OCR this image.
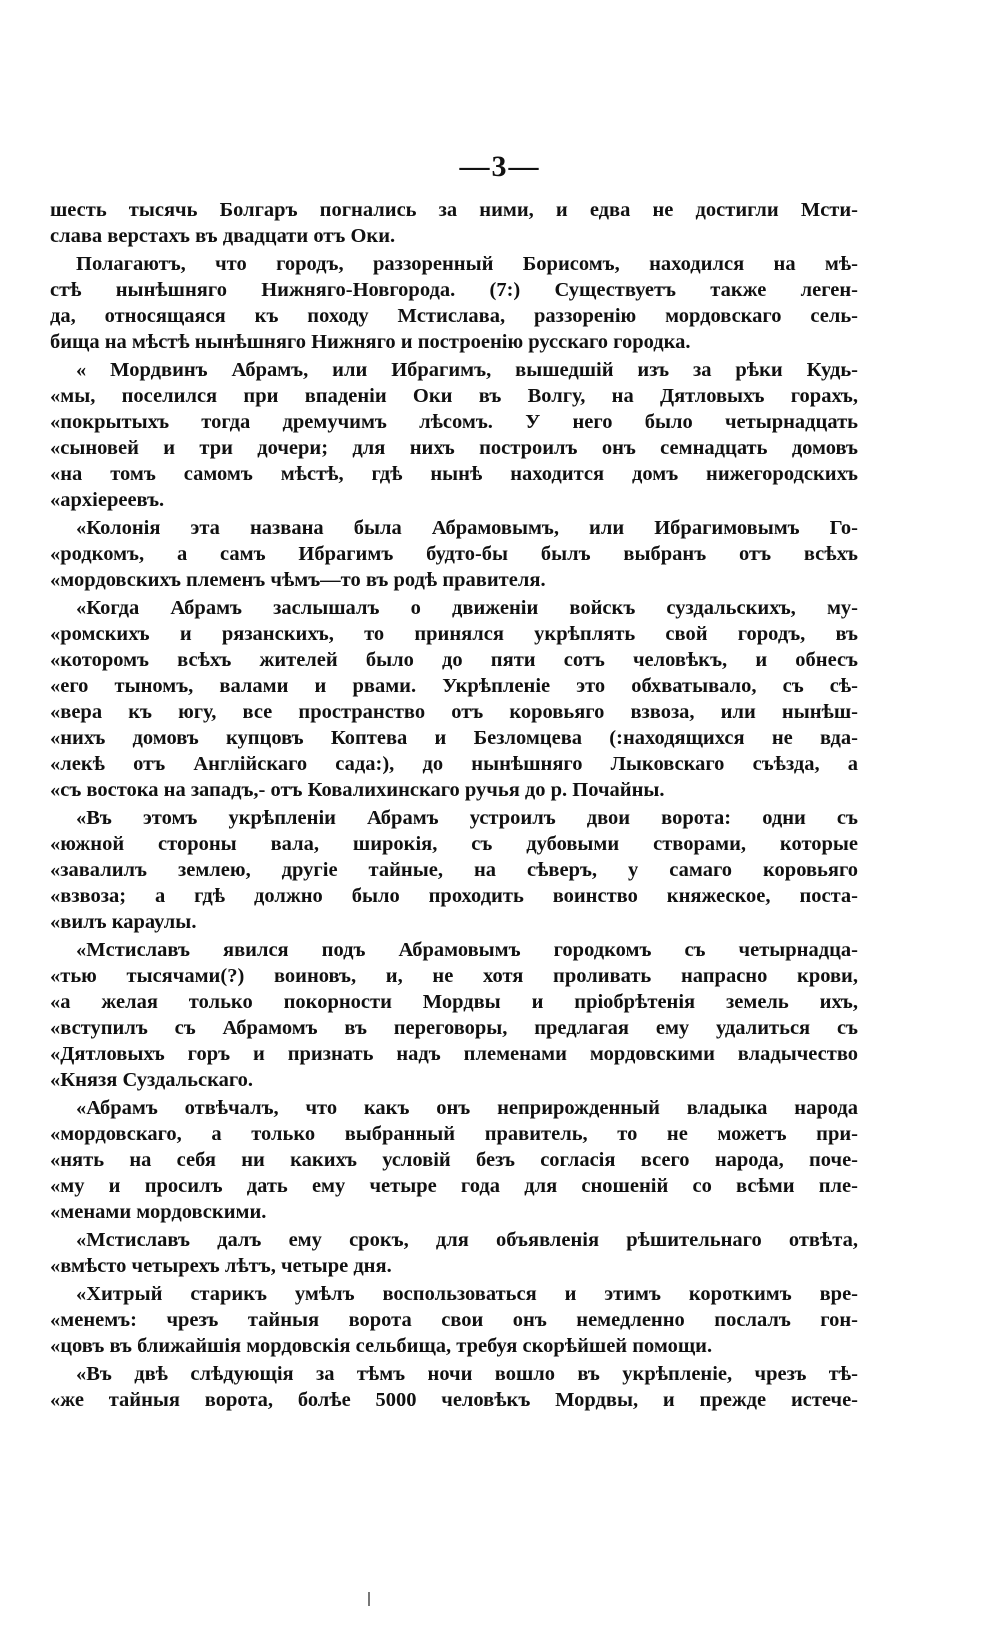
—3—
шесть тысячь Болгаръ погнались за ними, и едва не достигли Мсти-
слава верстахъ въ двадцати отъ Оки.
Полагаютъ, что городъ, раззоренный Борисомъ, находился на мѣ-
стѣ нынѣшняго Нижняго-Новгорода. (7:) Существуетъ также леген-
да, относящаяся къ походу Мстислава, раззоренію мордовскаго сель-
бища на мѣстѣ нынѣшняго Нижняго и построенію русскаго городка.
« Мордвинъ Абрамъ, или Ибрагимъ, вышедшій изъ за рѣки Кудь-
«мы, поселился при впаденіи Оки въ Волгу, на Дятловыхъ горахъ,
«покрытыхъ тогда дремучимъ лѣсомъ. У него было четырнадцать
«сыновей и три дочери; для нихъ построилъ онъ семнадцать домовъ
«на томъ самомъ мѣстѣ, гдѣ нынѣ находится домъ нижегородскихъ
«архіереевъ.
«Колонія эта названа была Абрамовымъ, или Ибрагимовымъ Го-
«родкомъ, а самъ Ибрагимъ будто-бы былъ выбранъ отъ всѣхъ
«мордовскихъ племенъ чѣмъ—то въ родѣ правителя.
«Когда Абрамъ заслышалъ о движеніи войскъ суздальскихъ, му-
«ромскихъ и рязанскихъ, то принялся укрѣплять свой городъ, въ
«которомъ всѣхъ жителей было до пяти сотъ человѣкъ, и обнесъ
«его тыномъ, валами и рвами. Укрѣпленіе это обхватывало, съ сѣ-
«вера къ югу, все пространство отъ коровьяго взвоза, или нынѣш-
«нихъ домовъ купцовъ Коптева и Безломцева (:находящихся не вда-
«лекѣ отъ Англійскаго сада:), до нынѣшняго Лыковскаго съѣзда, а
«съ востока на западъ,- отъ Ковалихинскаго ручья до р. Почайны.
«Въ этомъ укрѣпленіи Абрамъ устроилъ двои ворота: одни съ
«южной стороны вала, широкія, съ дубовыми створами, которые
«завалилъ землею, другіе тайные, на сѣверъ, у самаго коровьяго
«взвоза; а гдѣ должно было проходить воинство княжеское, поста-
«вилъ караулы.
«Мстиславъ явился подъ Абрамовымъ городкомъ съ четырнадца-
«тью тысячами(?) воиновъ, и, не хотя проливать напрасно крови,
«а желая только покорности Мордвы и пріобрѣтенія земель ихъ,
«вступилъ съ Абрамомъ въ переговоры, предлагая ему удалиться съ
«Дятловыхъ горъ и признать надъ племенами мордовскими владычество
«Князя Суздальскаго.
«Абрамъ отвѣчалъ, что какъ онъ неприрожденный владыка народа
«мордовскаго, а только выбранный правитель, то не можетъ при-
«нять на себя ни какихъ условій безъ согласія всего народа, поче-
«му и просилъ дать ему четыре года для сношеній со всѣми пле-
«менами мордовскими.
«Мстиславъ далъ ему срокъ, для объявленія рѣшительнаго отвѣта,
«вмѣсто четырехъ лѣтъ, четыре дня.
«Хитрый старикъ умѣлъ воспользоваться и этимъ короткимъ вре-
«менемъ: чрезъ тайныя ворота свои онъ немедленно послалъ гон-
«цовъ въ ближайшія мордовскія сельбища, требуя скорѣйшей помощи.
«Въ двѣ слѣдующія за тѣмъ ночи вошло въ укрѣпленіе, чрезъ тѣ-
«же тайныя ворота, болѣе 5000 человѣкъ Мордвы, и прежде истече-
